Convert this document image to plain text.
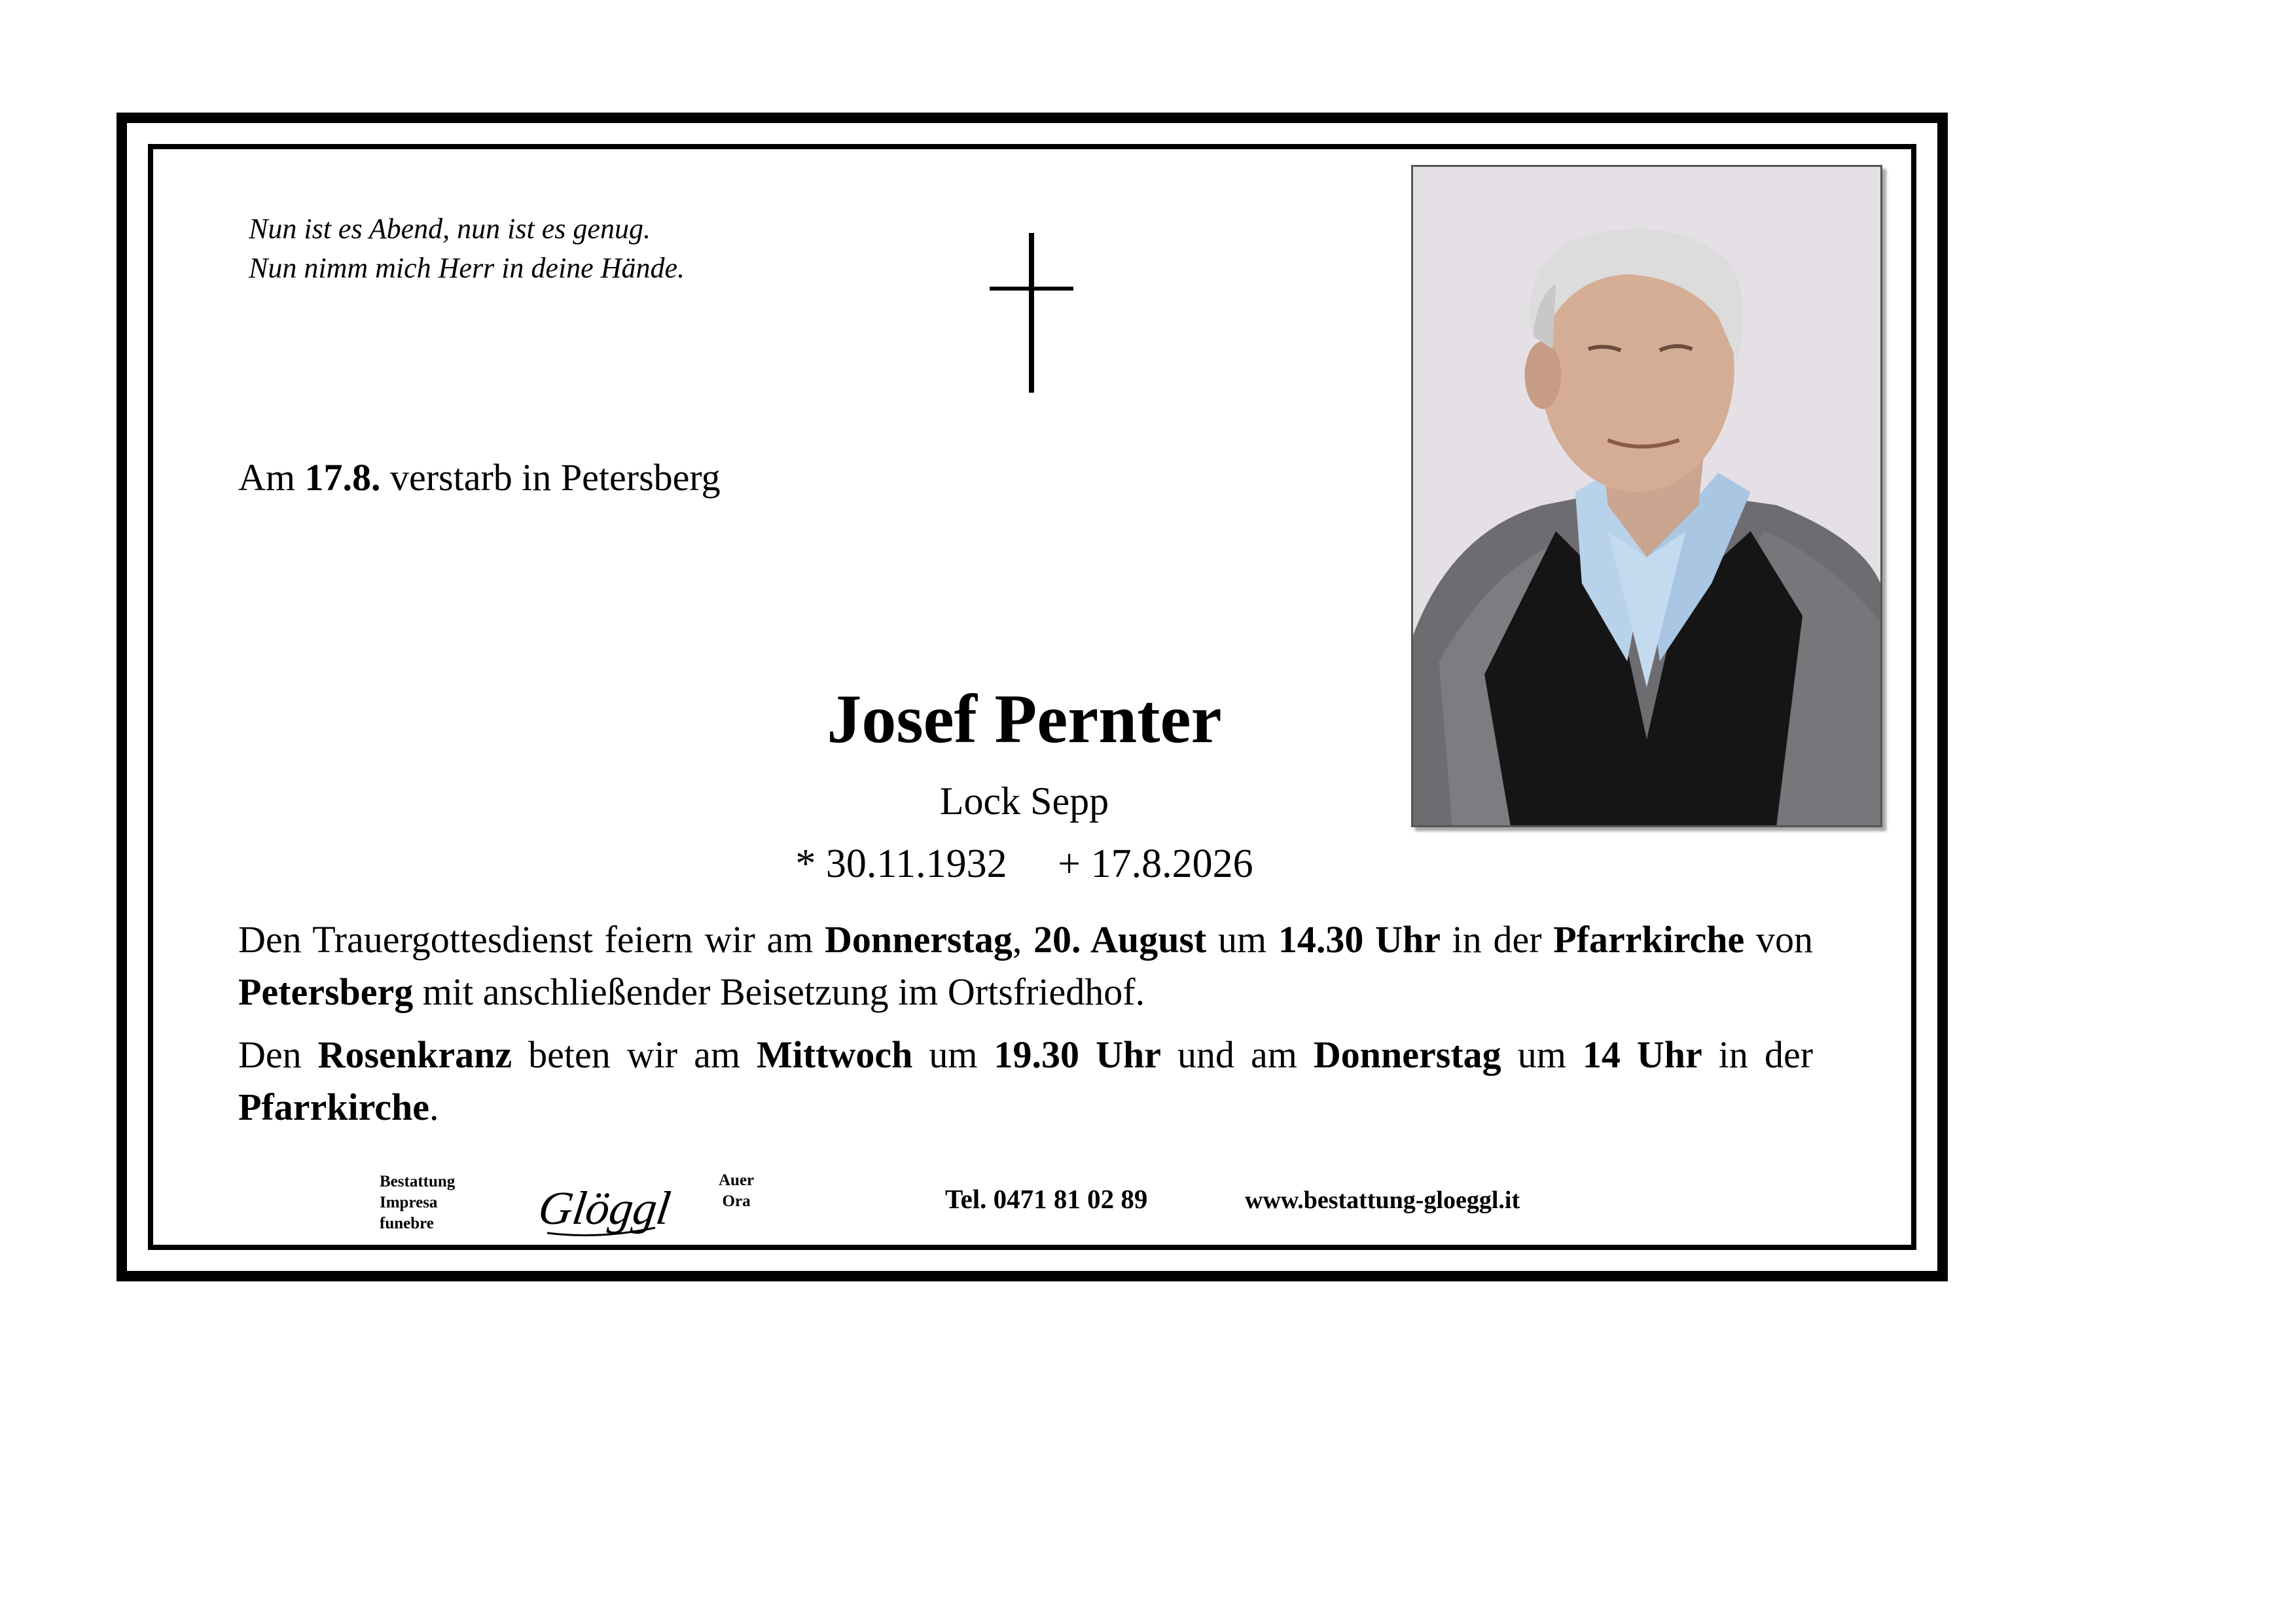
Nun ist es Abend, nun ist es genug.
Nun nimm mich Herr in deine Hände.
Am 17.8. verstarb in Petersberg
Josef Pernter
Lock Sepp
* 30.11.1932     + 17.8.2026
Den Trauergottesdienst feiern wir am Donnerstag, 20. August um 14.30 Uhr in der Pfarrkirche von Petersberg mit anschließender Beisetzung im Ortsfriedhof.
Den Rosenkranz beten wir am Mittwoch um 19.30 Uhr und am Donnerstag um 14 Uhr in der Pfarrkirche.
Bestattung
Impresa
funebre	Glöggl
Auer
Ora	Tel. 0471 81 02 89	www.bestattung-gloeggl.it
